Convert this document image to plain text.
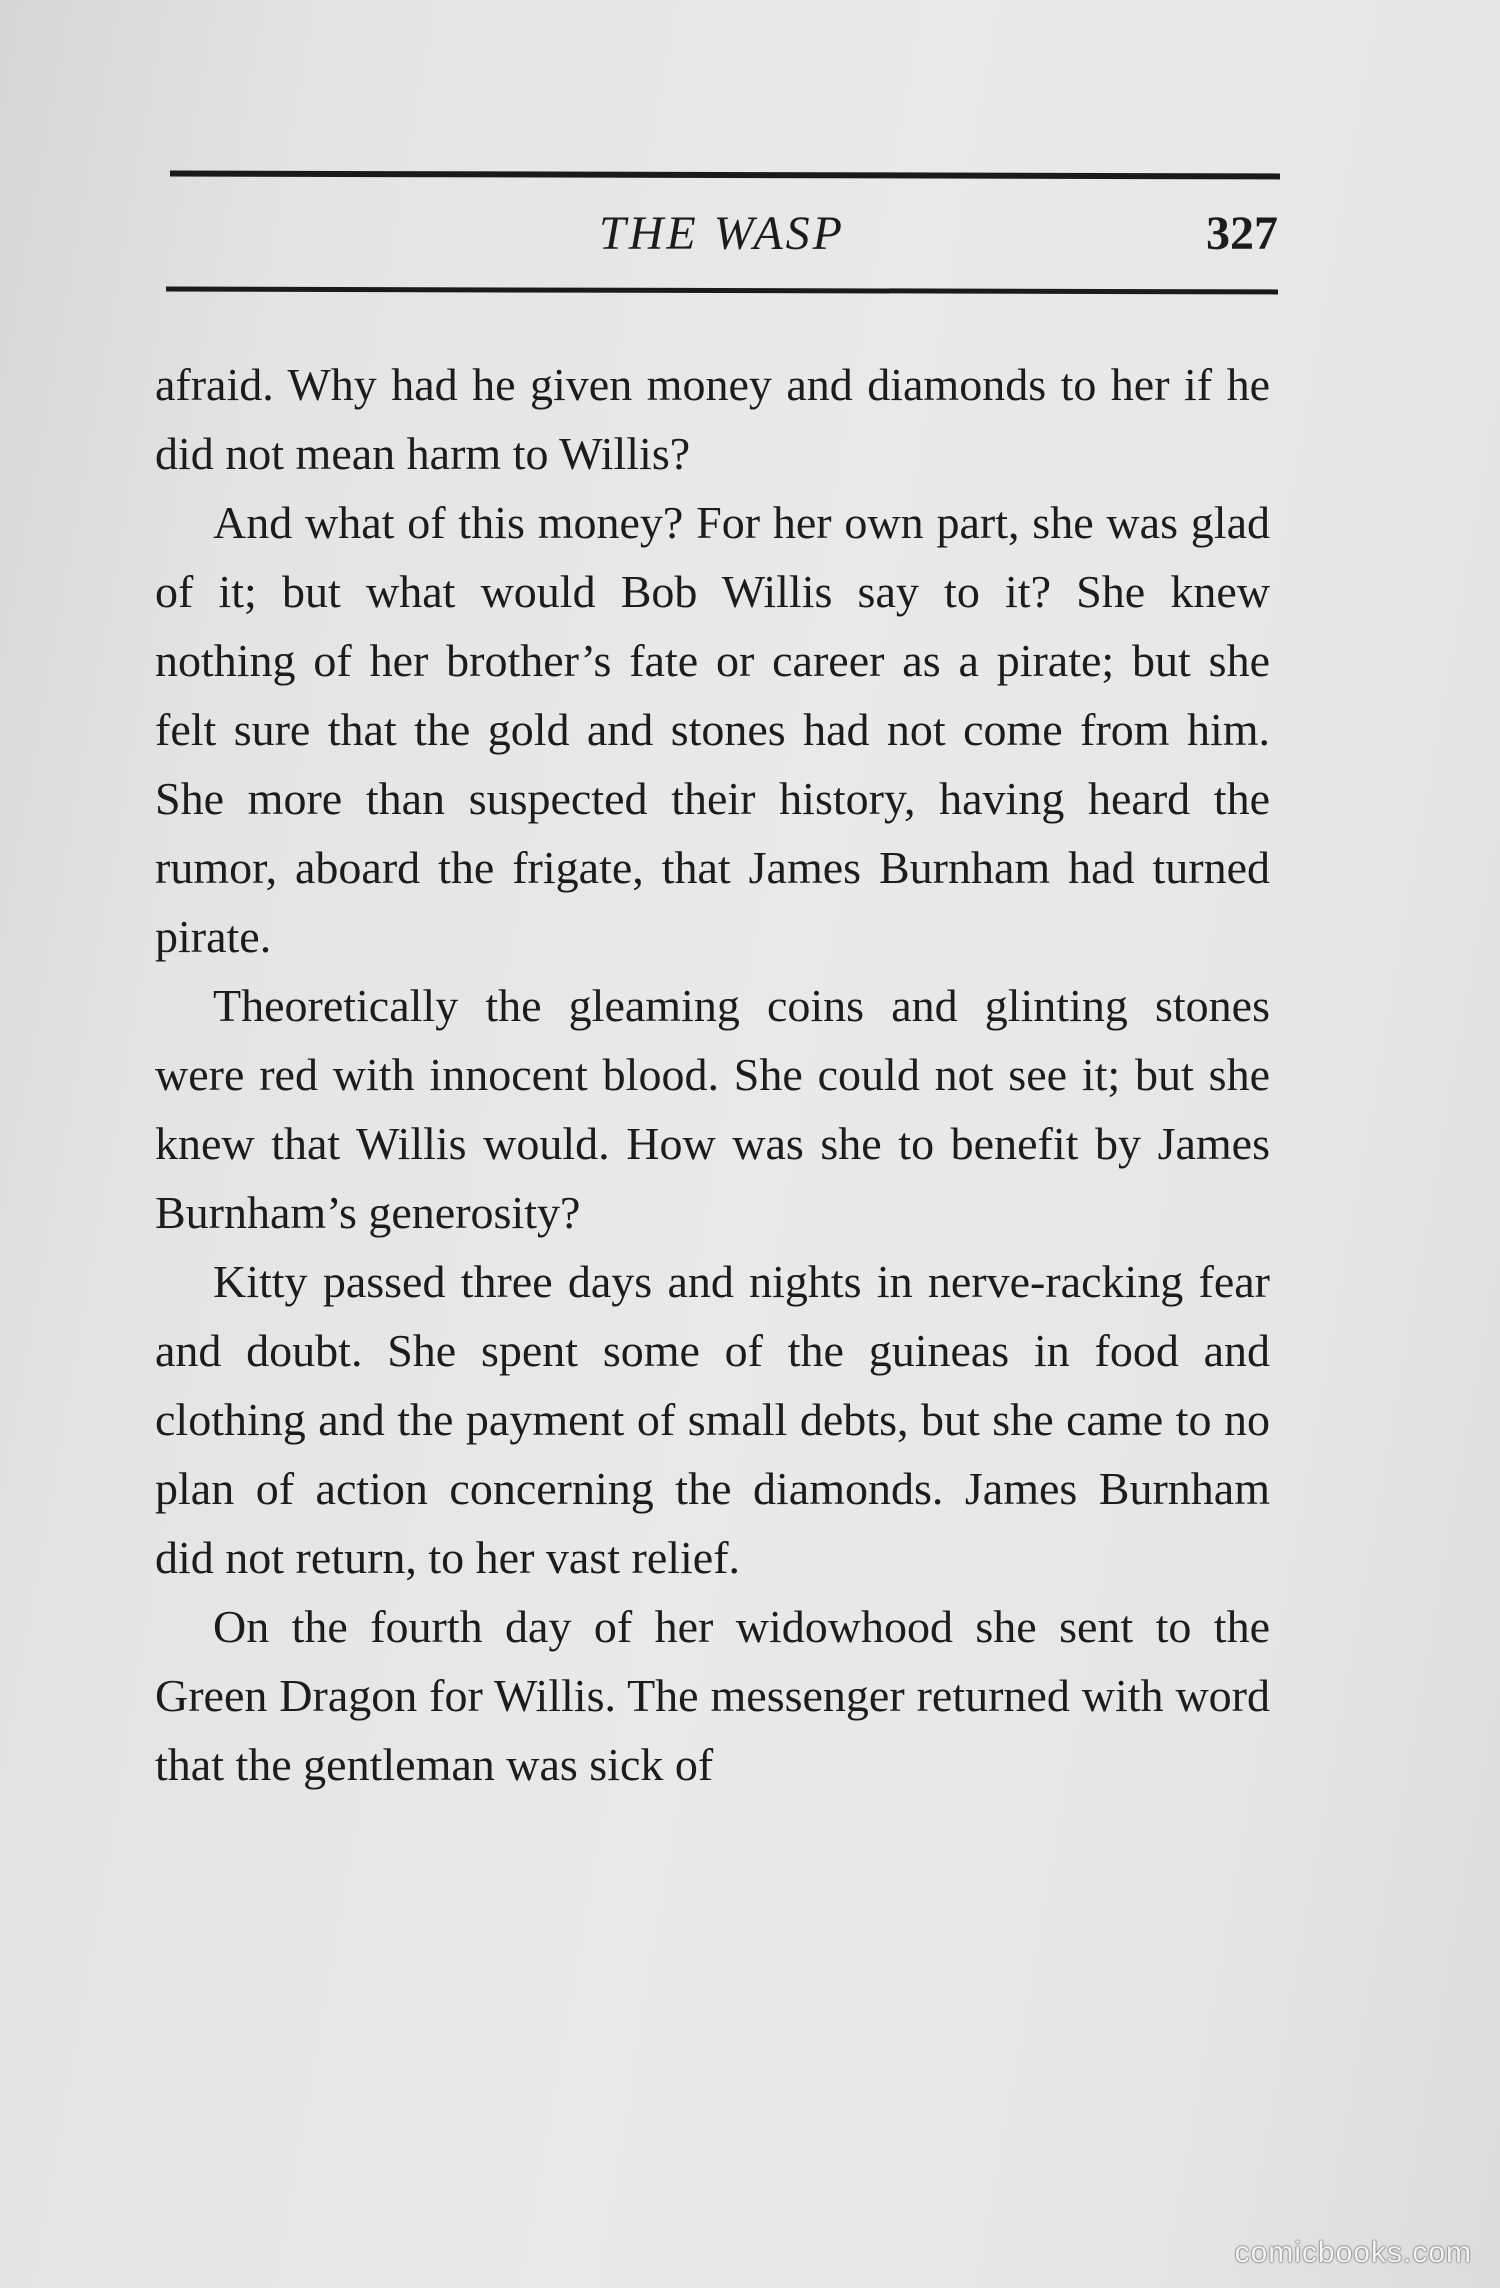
THE WASP	327

afraid. Why had he given money and diamonds to her if he did not mean harm to Willis?

And what of this money? For her own part, she was glad of it; but what would Bob Willis say to it? She knew nothing of her brother’s fate or career as a pirate; but she felt sure that the gold and stones had not come from him. She more than suspected their history, having heard the rumor, aboard the frigate, that James Burnham had turned pirate.

Theoretically the gleaming coins and glinting stones were red with innocent blood. She could not see it; but she knew that Willis would. How was she to benefit by James Burnham’s generosity?

Kitty passed three days and nights in nerve-racking fear and doubt. She spent some of the guineas in food and clothing and the payment of small debts, but she came to no plan of action concerning the diamonds. James Burnham did not return, to her vast relief.

On the fourth day of her widowhood she sent to the Green Dragon for Willis. The messenger returned with word that the gentleman was sick of

comicbooks.com
